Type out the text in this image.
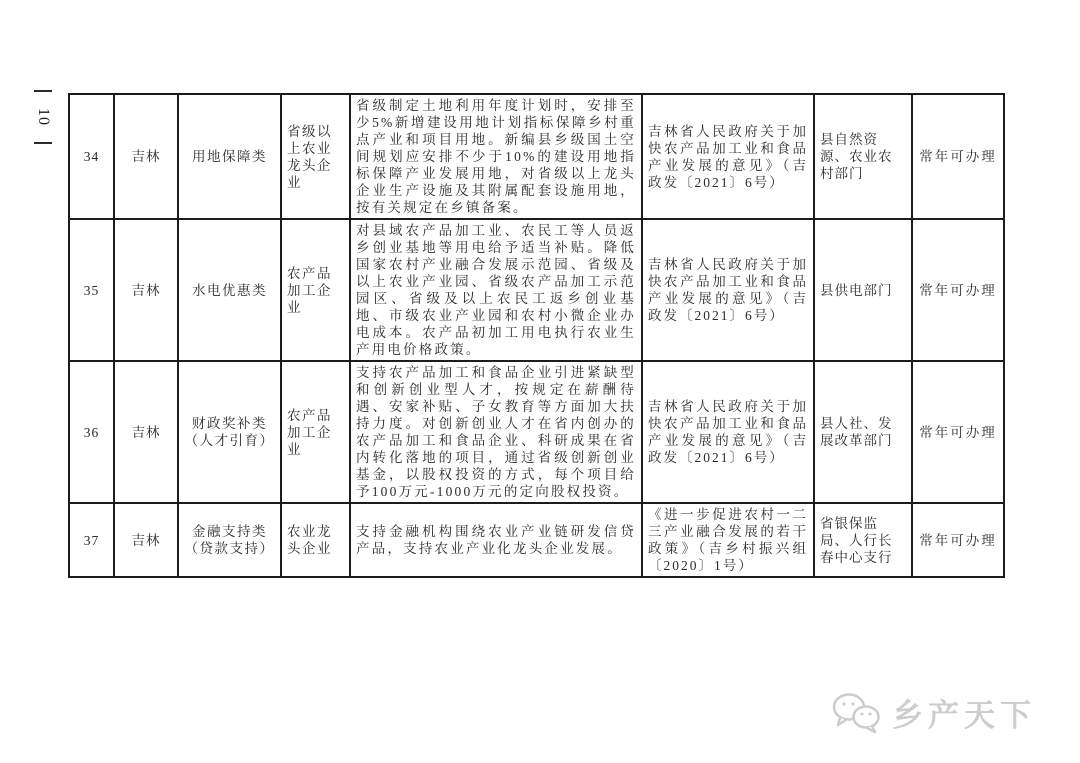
10
34	吉林	用地保障类	省级以上农业龙头企业	省级制定土地利用年度计划时，安排至少5%新增建设用地计划指标保障乡村重点产业和项目用地。新编县乡级国土空间规划应安排不少于10%的建设用地指标保障产业发展用地，对省级以上龙头企业生产设施及其附属配套设施用地，按有关规定在乡镇备案。	吉林省人民政府关于加快农产品加工业和食品产业发展的意见》（吉政发〔2021〕6号）	县自然资源、农业农村部门	常年可办理
35	吉林	水电优惠类	农产品加工企业	对县域农产品加工业、农民工等人员返乡创业基地等用电给予适当补贴。降低国家农村产业融合发展示范园、省级及以上农业产业园、省级农产品加工示范园区、省级及以上农民工返乡创业基地、市级农业产业园和农村小微企业办电成本。农产品初加工用电执行农业生产用电价格政策。	吉林省人民政府关于加快农产品加工业和食品产业发展的意见》（吉政发〔2021〕6号）	县供电部门	常年可办理
36	吉林	财政奖补类（人才引育）	农产品加工企业	支持农产品加工和食品企业引进紧缺型和创新创业型人才，按规定在薪酬待遇、安家补贴、子女教育等方面加大扶持力度。对创新创业人才在省内创办的农产品加工和食品企业、科研成果在省内转化落地的项目，通过省级创新创业基金，以股权投资的方式，每个项目给予100万元-1000万元的定向股权投资。	吉林省人民政府关于加快农产品加工业和食品产业发展的意见》（吉政发〔2021〕6号）	县人社、发展改革部门	常年可办理
37	吉林	金融支持类（贷款支持）	农业龙头企业	支持金融机构围绕农业产业链研发信贷产品，支持农业产业化龙头企业发展。	《进一步促进农村一二三产业融合发展的若干政策》（吉乡村振兴组〔2020〕1号）	省银保监局、人行长春中心支行	常年可办理
乡产天下
